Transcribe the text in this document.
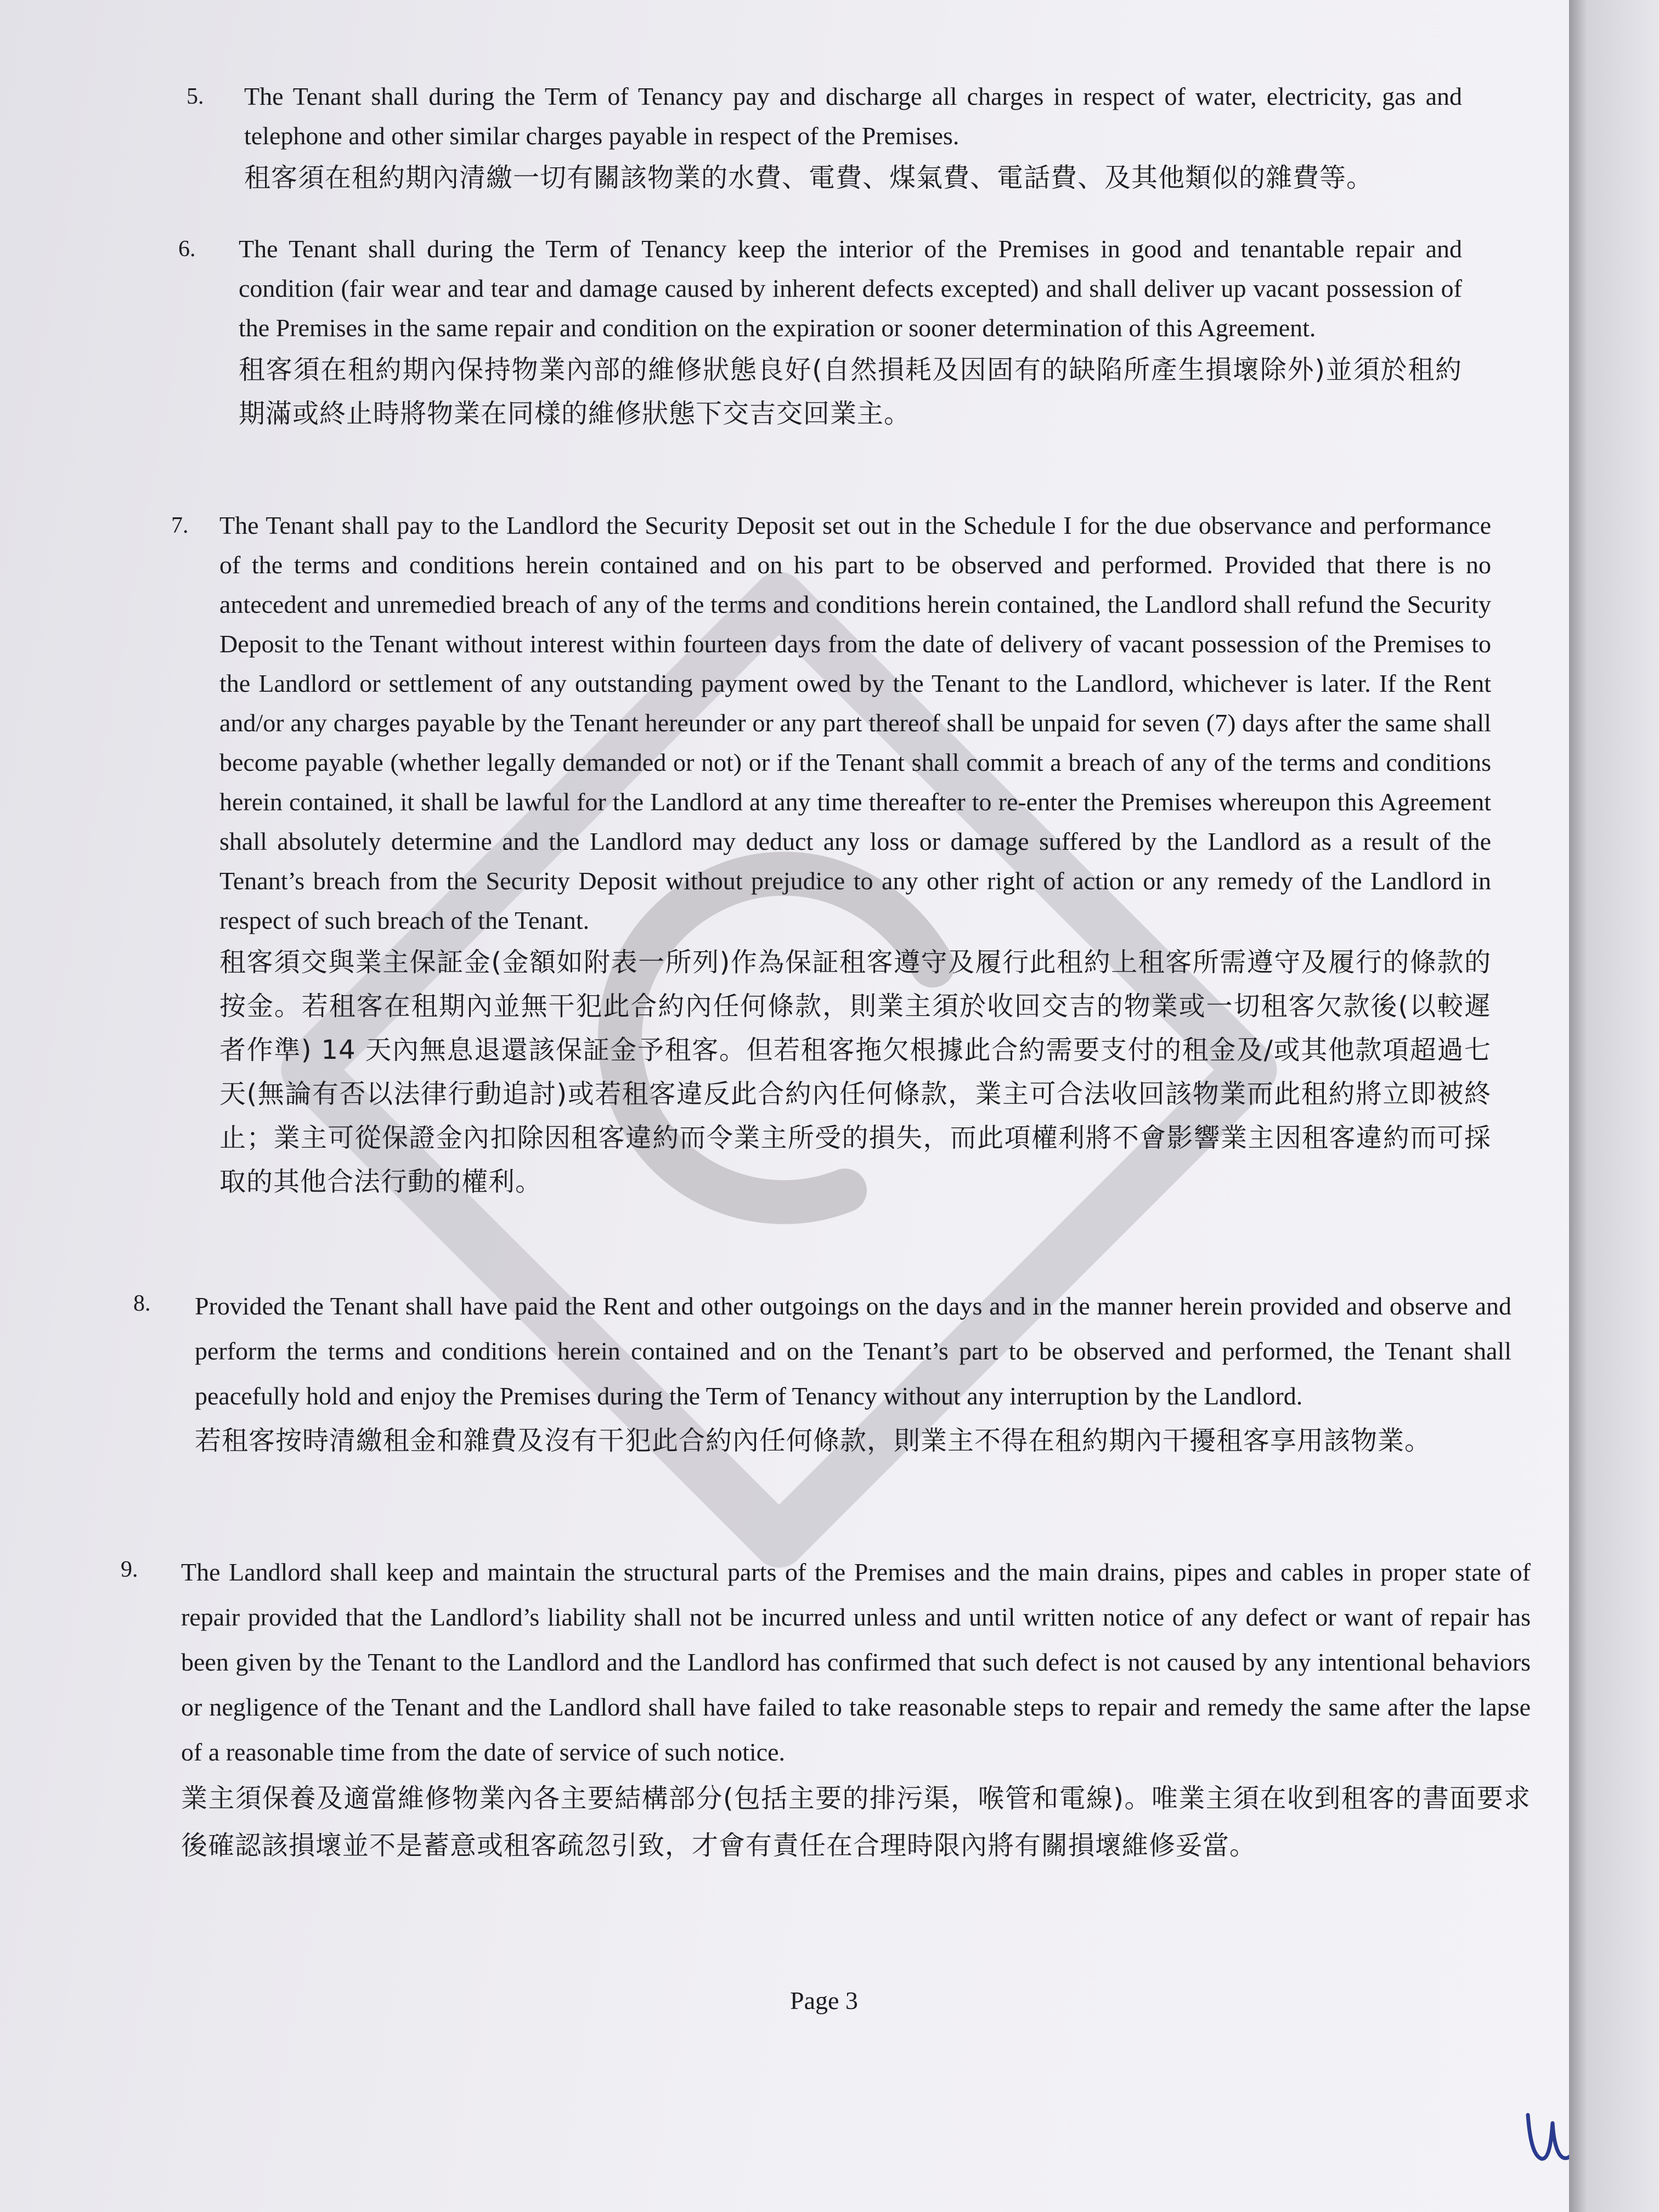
5. The Tenant shall during the Term of Tenancy pay and discharge all charges in respect of water, electricity, gas and telephone and other similar charges payable in respect of the Premises.

租客須在租約期內清繳一切有關該物業的水費、電費、煤氣費、電話費、及其他類似的雜費等。

6. The Tenant shall during the Term of Tenancy keep the interior of the Premises in good and tenantable repair and condition (fair wear and tear and damage caused by inherent defects excepted) and shall deliver up vacant possession of the Premises in the same repair and condition on the expiration or sooner determination of this Agreement.

租客須在租約期內保持物業內部的維修狀態良好(自然損耗及因固有的缺陷所產生損壞除外)並須於租約期滿或終止時將物業在同樣的維修狀態下交吉交回業主。

7. The Tenant shall pay to the Landlord the Security Deposit set out in the Schedule I for the due observance and performance of the terms and conditions herein contained and on his part to be observed and performed. Provided that there is no antecedent and unremedied breach of any of the terms and conditions herein contained, the Landlord shall refund the Security Deposit to the Tenant without interest within fourteen days from the date of delivery of vacant possession of the Premises to the Landlord or settlement of any outstanding payment owed by the Tenant to the Landlord, whichever is later. If the Rent and/or any charges payable by the Tenant hereunder or any part thereof shall be unpaid for seven (7) days after the same shall become payable (whether legally demanded or not) or if the Tenant shall commit a breach of any of the terms and conditions herein contained, it shall be lawful for the Landlord at any time thereafter to re-enter the Premises whereupon this Agreement shall absolutely determine and the Landlord may deduct any loss or damage suffered by the Landlord as a result of the Tenant’s breach from the Security Deposit without prejudice to any other right of action or any remedy of the Landlord in respect of such breach of the Tenant.

租客須交與業主保証金(金額如附表一所列)作為保証租客遵守及履行此租約上租客所需遵守及履行的條款的按金。若租客在租期內並無干犯此合約內任何條款，則業主須於收回交吉的物業或一切租客欠款後(以較遲者作準) 14 天內無息退還該保証金予租客。但若租客拖欠根據此合約需要支付的租金及/或其他款項超過七天(無論有否以法律行動追討)或若租客違反此合約內任何條款，業主可合法收回該物業而此租約將立即被終止；業主可從保證金內扣除因租客違約而令業主所受的損失，而此項權利將不會影響業主因租客違約而可採取的其他合法行動的權利。

8. Provided the Tenant shall have paid the Rent and other outgoings on the days and in the manner herein provided and observe and perform the terms and conditions herein contained and on the Tenant’s part to be observed and performed, the Tenant shall peacefully hold and enjoy the Premises during the Term of Tenancy without any interruption by the Landlord.

若租客按時清繳租金和雜費及沒有干犯此合約內任何條款，則業主不得在租約期內干擾租客享用該物業。

9. The Landlord shall keep and maintain the structural parts of the Premises and the main drains, pipes and cables in proper state of repair provided that the Landlord’s liability shall not be incurred unless and until written notice of any defect or want of repair has been given by the Tenant to the Landlord and the Landlord has confirmed that such defect is not caused by any intentional behaviors or negligence of the Tenant and the Landlord shall have failed to take reasonable steps to repair and remedy the same after the lapse of a reasonable time from the date of service of such notice.

業主須保養及適當維修物業內各主要結構部分(包括主要的排污渠，喉管和電線)。唯業主須在收到租客的書面要求後確認該損壞並不是蓄意或租客疏忽引致，才會有責任在合理時限內將有關損壞維修妥當。

Page 3
